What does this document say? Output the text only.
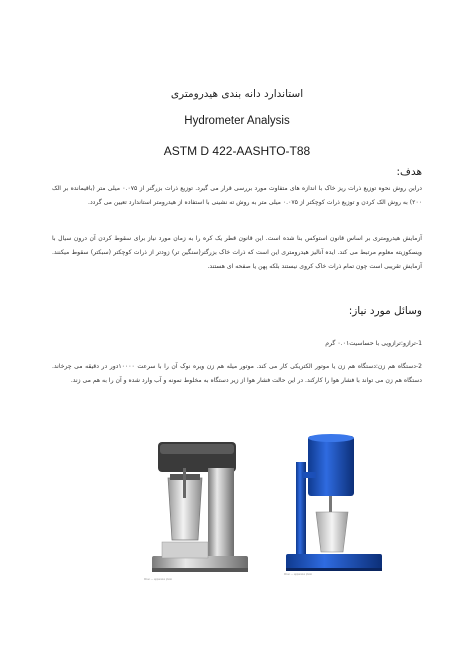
استاندارد دانه بندی هیدرومتری
Hydrometer Analysis
ASTM D 422-AASHTO-T88
هدف:
دراین روش نحوه توزیع ذرات ریز خاک با اندازه های متفاوت مورد بررسی قرار می گیرد. توزیع ذرات بزرگتر از ۰.۰۷۵ میلی متر (باقیمانده بر الک ۲۰۰) به روش الک کردن و توزیع ذرات کوچکتر از ۰.۰۷۵ میلی متر به روش ته نشینی با استفاده از هیدرومتر استاندارد تعیین می گردد.
آزمایش هیدرومتری بر اساس قانون استوکس بنا شده است. این قانون قطر یک کره را به زمان مورد نیاز برای سقوط کردن آن درون سیال با ویسکوزیته معلوم مرتبط می کند. ایده آنالیز هیدرومتری این است که ذرات خاک بزرگتر(سنگین تر) زودتر از ذرات کوچکتر (سبکتر) سقوط میکنند. آزمایش تقریبی است چون تمام ذرات خاک کروی نیستند بلکه پهن یا صفحه ای هستند.
وسائل مورد نیاز:
1-ترازو:ترازویی با حساسیت۰.۰۱ گرم
2-دستگاه هم زن:دستگاه هم زن یا موتور الکتریکی کار می کند. موتور میله هم زن ویره نوک آن را با سرعت ۱۰۰۰۰دور در دقیقه می چرخاند. دستگاه هم زن می تواند با فشار هوا را کارکند. در این حالت فشار هوا از زیر دستگاه به مخلوط نمونه و آب وارد شده و آن را به هم می زند.
Mixer — apparatus photo
Mixer — apparatus photo
